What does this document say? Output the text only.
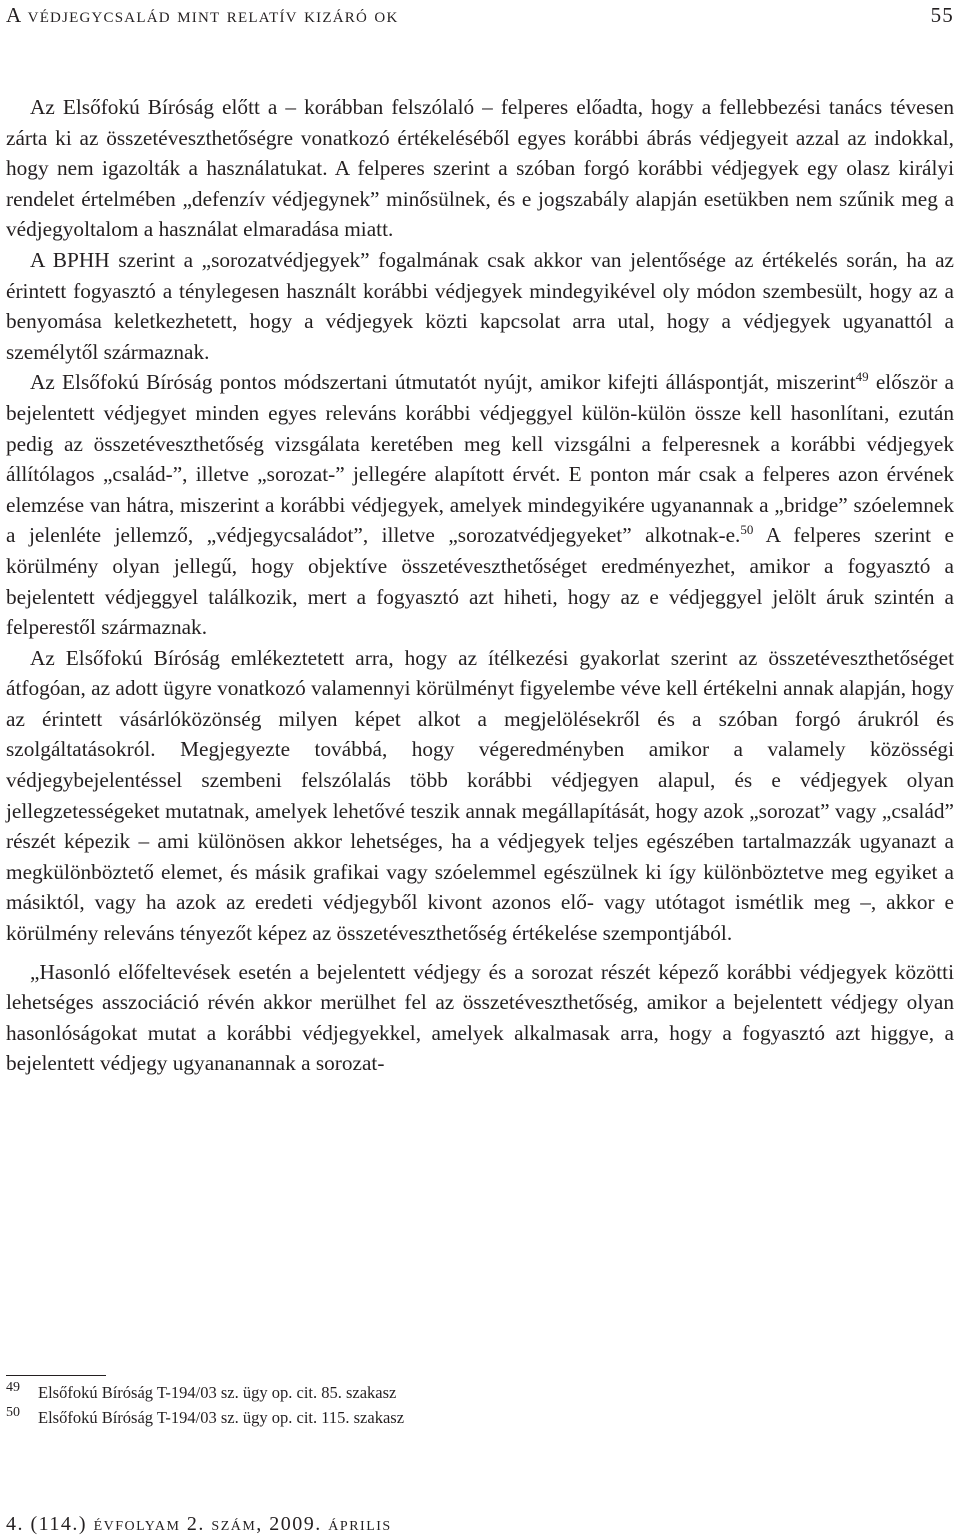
A védjegycsalád mint relatív kizáró ok	55

Az Elsőfokú Bíróság előtt a – korábban felszólaló – felperes előadta, hogy a fellebbezési tanács tévesen zárta ki az összetéveszthetőségre vonatkozó értékeléséből egyes korábbi ábrás védjegyeit azzal az indokkal, hogy nem igazolták a használatukat. A felperes szerint a szóban forgó korábbi védjegyek egy olasz királyi rendelet értelmében „defenzív védjegynek” minősülnek, és e jogszabály alapján esetükben nem szűnik meg a védjegyoltalom a használat elmaradása miatt.

A BPHH szerint a „sorozatvédjegyek” fogalmának csak akkor van jelentősége az értékelés során, ha az érintett fogyasztó a ténylegesen használt korábbi védjegyek mindegyikével oly módon szembesült, hogy az a benyomása keletkezhetett, hogy a védjegyek közti kapcsolat arra utal, hogy a védjegyek ugyanattól a személytől származnak.

Az Elsőfokú Bíróság pontos módszertani útmutatót nyújt, amikor kifejti álláspontját, miszerint$^{49}$ először a bejelentett védjegyet minden egyes releváns korábbi védjeggyel külön-külön össze kell hasonlítani, ezután pedig az összetéveszthetőség vizsgálata keretében meg kell vizsgálni a felperesnek a korábbi védjegyek állítólagos „család-”, illetve „sorozat-” jellegére alapított érvét. E ponton már csak a felperes azon érvének elemzése van hátra, miszerint a korábbi védjegyek, amelyek mindegyikére ugyanannak a „bridge” szóelemnek a jelenléte jellemző, „védjegycsaládot”, illetve „sorozatvédjegyeket” alkotnak-e.$^{50}$ A felperes szerint e körülmény olyan jellegű, hogy objektíve összetéveszthetőséget eredményezhet, amikor a fogyasztó a bejelentett védjeggyel találkozik, mert a fogyasztó azt hiheti, hogy az e védjeggyel jelölt áruk szintén a felperestől származnak.

Az Elsőfokú Bíróság emlékeztetett arra, hogy az ítélkezési gyakorlat szerint az összetéveszthetőséget átfogóan, az adott ügyre vonatkozó valamennyi körülményt figyelembe véve kell értékelni annak alapján, hogy az érintett vásárlóközönség milyen képet alkot a megjelölésekről és a szóban forgó árukról és szolgáltatásokról. Megjegyezte továbbá, hogy végeredményben amikor a valamely közösségi védjegybejelentéssel szembeni felszólalás több korábbi védjegyen alapul, és e védjegyek olyan jellegzetességeket mutatnak, amelyek lehetővé teszik annak megállapítását, hogy azok „sorozat” vagy „család” részét képezik – ami különösen akkor lehetséges, ha a védjegyek teljes egészében tartalmazzák ugyanazt a megkülönböztető elemet, és másik grafikai vagy szóelemmel egészülnek ki így különböztetve meg egyiket a másiktól, vagy ha azok az eredeti védjegyből kivont azonos elő- vagy utótagot ismétlik meg –, akkor e körülmény releváns tényezőt képez az összetéveszthetőség értékelése szempontjából.

„Hasonló előfeltevések esetén a bejelentett védjegy és a sorozat részét képező korábbi védjegyek közötti lehetséges asszociáció révén akkor merülhet fel az összetéveszthetőség, amikor a bejelentett védjegy olyan hasonlóságokat mutat a korábbi védjegyekkel, amelyek alkalmasak arra, hogy a fogyasztó azt higgye, a bejelentett védjegy ugyananannak a sorozat-

49 Elsőfokú Bíróság T-194/03 sz. ügy op. cit. 85. szakasz
50 Elsőfokú Bíróság T-194/03 sz. ügy op. cit. 115. szakasz
4. (114.) évfolyam 2. szám, 2009. április
